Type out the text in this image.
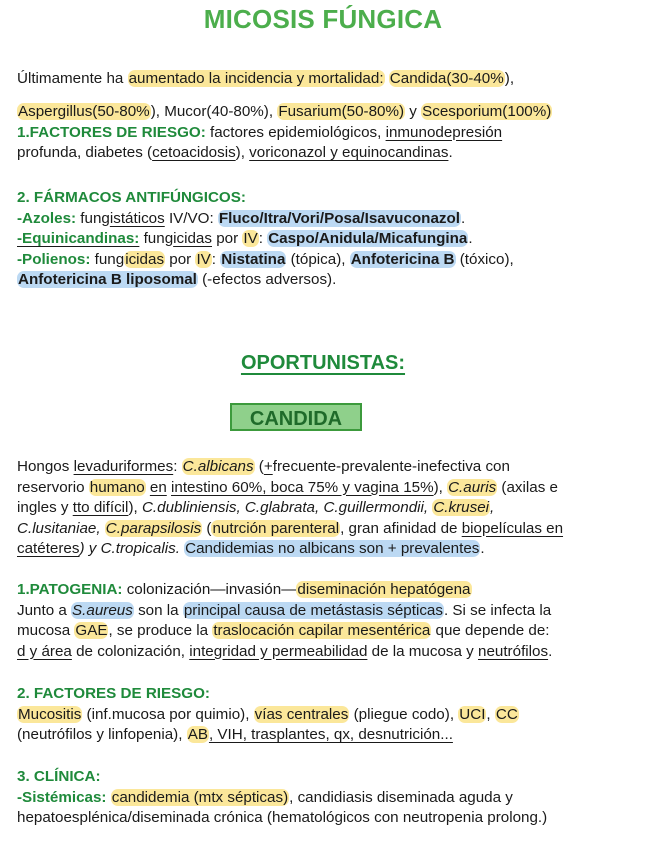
MICOSIS FÚNGICA
Últimamente ha aumentado la incidencia y mortalidad: Candida(30-40%),
Aspergillus(50-80%), Mucor(40-80%), Fusarium(50-80%) y Scesporium(100%)
1.FACTORES DE RIESGO: factores epidemiológicos, inmunodepresión
profunda, diabetes (cetoacidosis), voriconazol y equinocandinas.
2. FÁRMACOS ANTIFÚNGICOS:
-Azoles: fungistáticos IV/VO: Fluco/Itra/Vori/Posa/Isavuconazol.
-Equinicandinas: fungicidas por IV: Caspo/Anidula/Micafungina.
-Polienos: fungicidas por IV: Nistatina (tópica), Anfotericina B (tóxico),
Anfotericina B liposomal (-efectos adversos).
OPORTUNISTAS:
CANDIDA
Hongos levaduriformes: C.albicans (+frecuente-prevalente-inefectiva con
reservorio humano en intestino 60%, boca 75% y vagina 15%), C.auris (axilas e
ingles y tto difícil), C.dubliniensis, C.glabrata, C.guillermondii, C.krusei,
C.lusitaniae, C.parapsilosis (nutrción parenteral, gran afinidad de biopelículas en
catéteres) y C.tropicalis. Candidemias no albicans son + prevalentes.
1.PATOGENIA: colonización—invasión—diseminación hepatógena
Junto a S.aureus son la principal causa de metástasis sépticas. Si se infecta la
mucosa GAE, se produce la traslocación capilar mesentérica que depende de:
d y área de colonización, integridad y permeabilidad de la mucosa y neutrófilos.
2. FACTORES DE RIESGO:
Mucositis (inf.mucosa por quimio), vías centrales (pliegue codo), UCI, CC
(neutrófilos y linfopenia), AB, VIH, trasplantes, qx, desnutrición...
3. CLÍNICA:
-Sistémicas: candidemia (mtx sépticas), candidiasis diseminada aguda y
hepatoesplénica/diseminada crónica (hematológicos con neutropenia prolong.)
